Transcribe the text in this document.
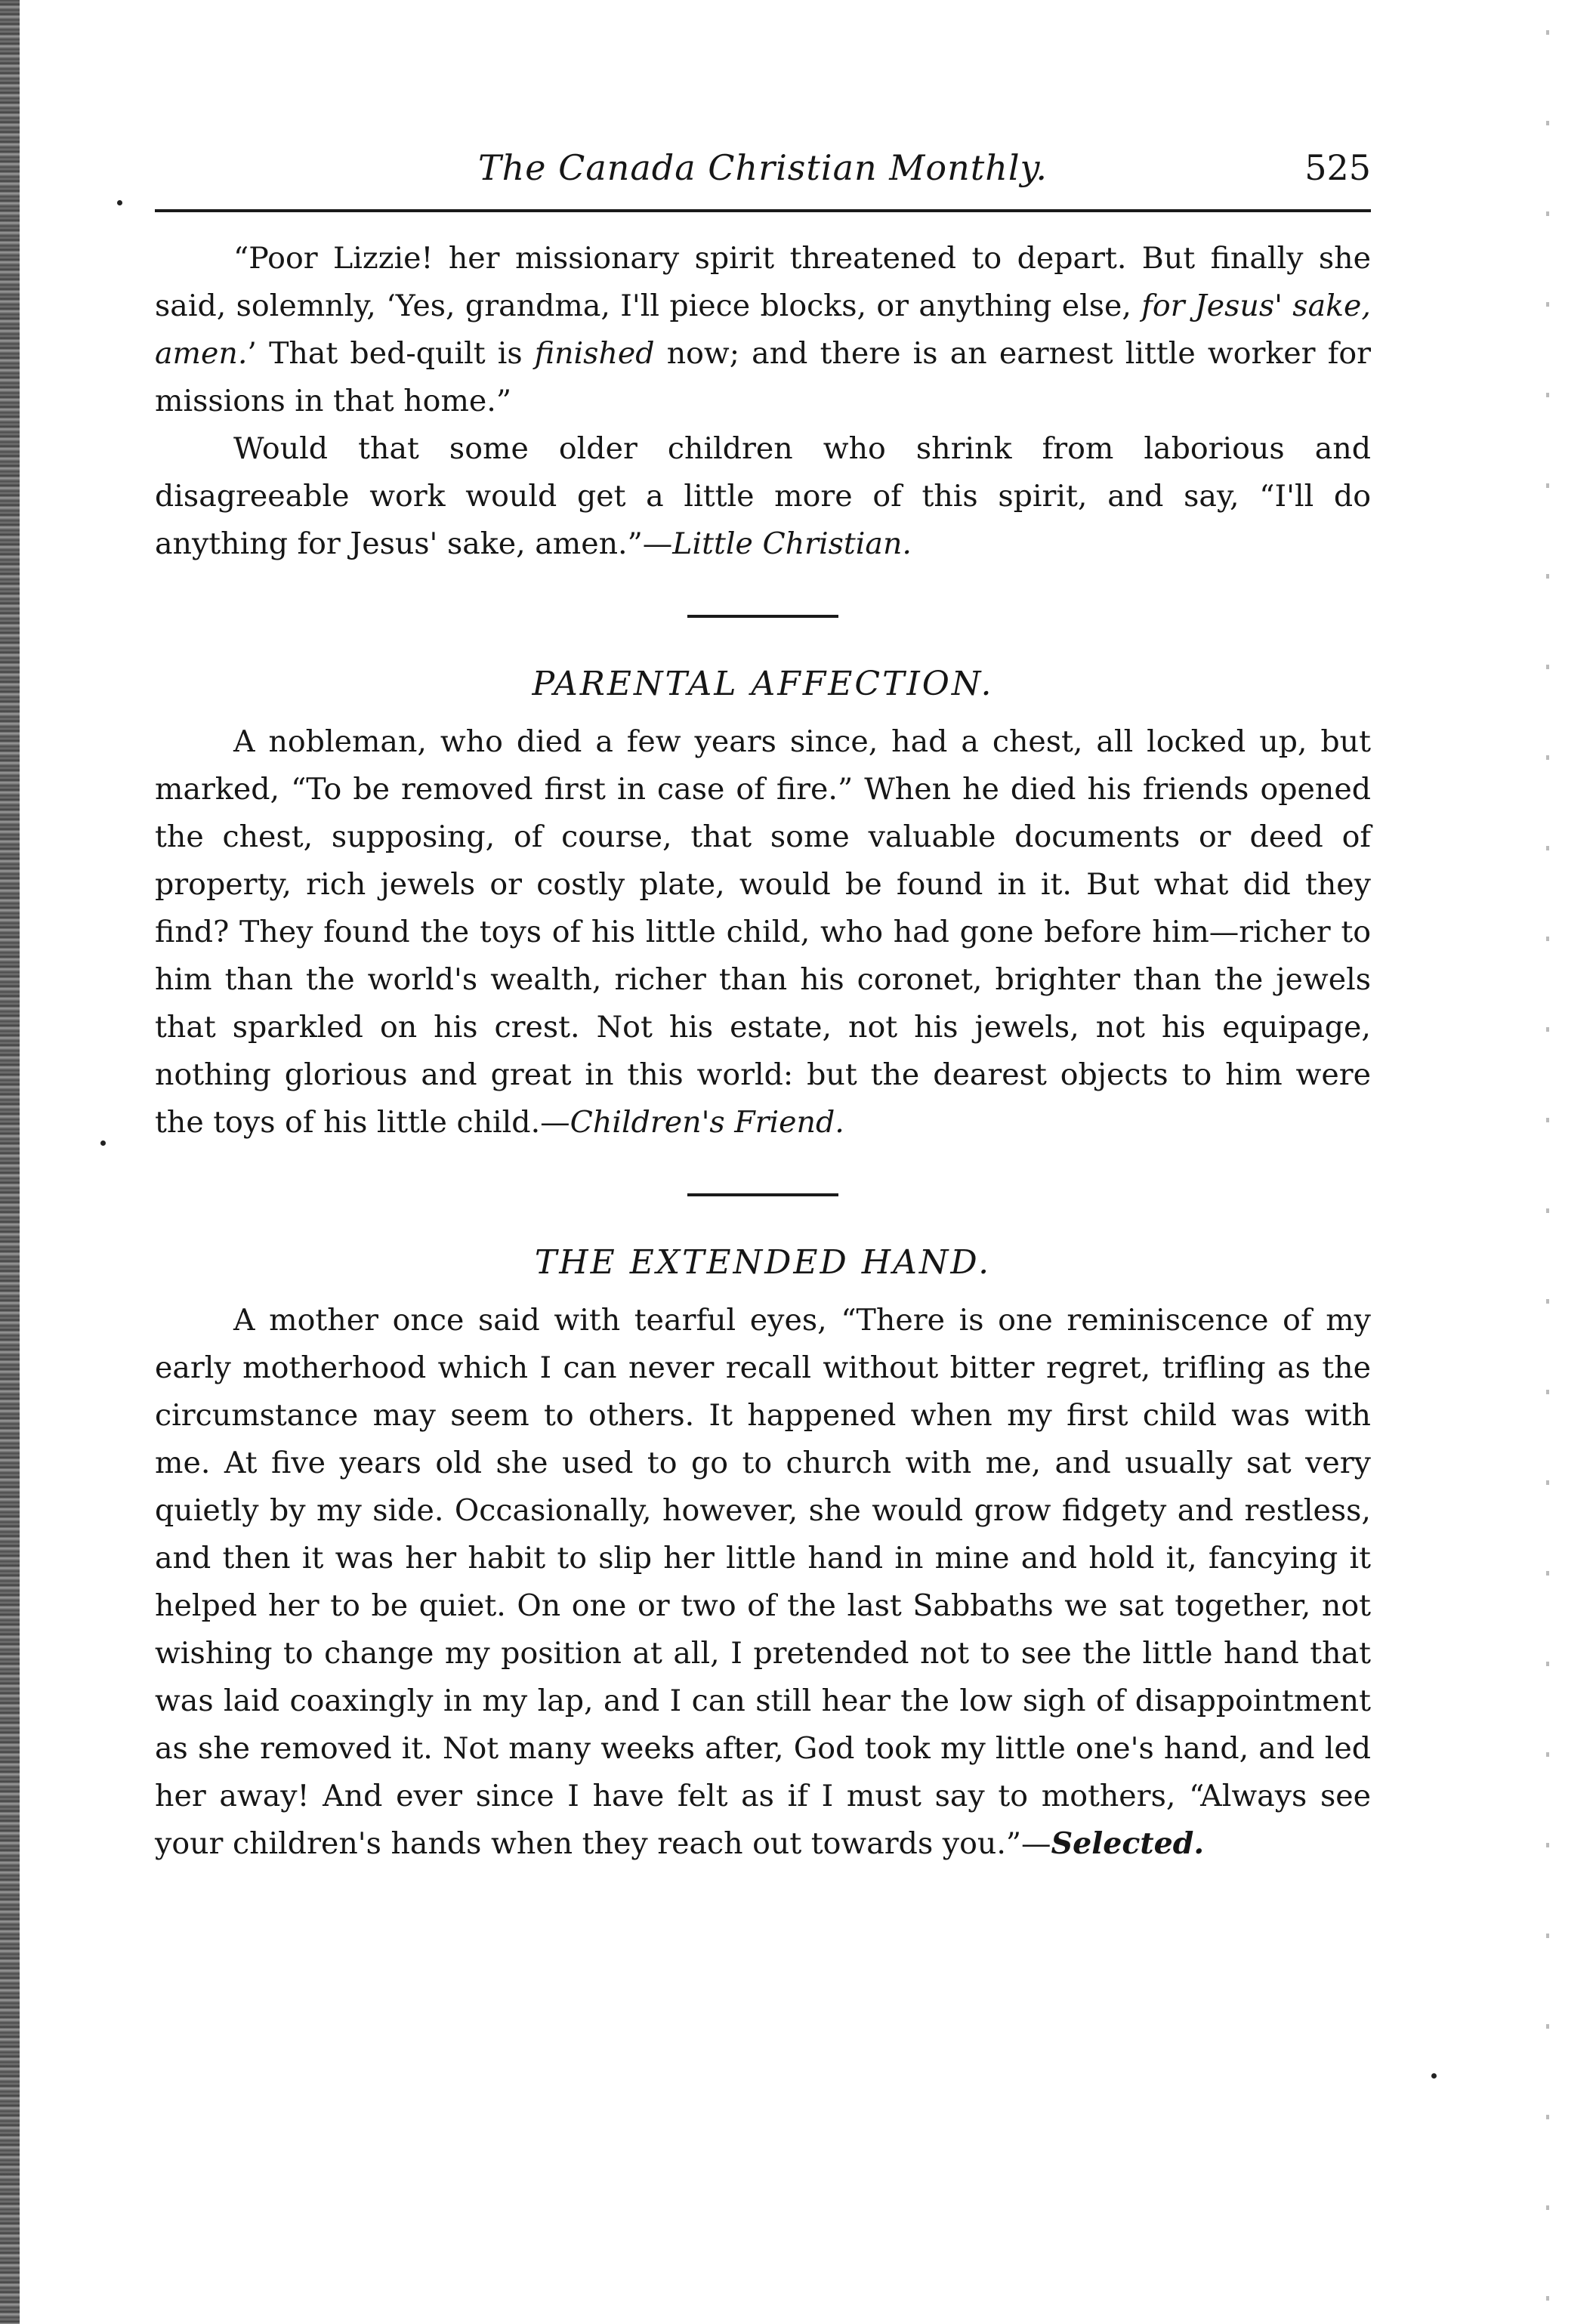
The Canada Christian Monthly.	525

“Poor Lizzie! her missionary spirit threatened to depart. But finally she said, solemnly, ‘Yes, grandma, I'll piece blocks, or anything else, for Jesus' sake, amen.’ That bed-quilt is finished now; and there is an earnest little worker for missions in that home.”

Would that some older children who shrink from laborious and disagreeable work would get a little more of this spirit, and say, “I'll do anything for Jesus' sake, amen.”—Little Christian.

PARENTAL AFFECTION.

A nobleman, who died a few years since, had a chest, all locked up, but marked, “To be removed first in case of fire.” When he died his friends opened the chest, supposing, of course, that some valuable documents or deed of property, rich jewels or costly plate, would be found in it. But what did they find? They found the toys of his little child, who had gone before him—richer to him than the world's wealth, richer than his coronet, brighter than the jewels that sparkled on his crest. Not his estate, not his jewels, not his equipage, nothing glorious and great in this world: but the dearest objects to him were the toys of his little child.—Children's Friend.

THE EXTENDED HAND.

A mother once said with tearful eyes, “There is one reminiscence of my early motherhood which I can never recall without bitter regret, trifling as the circumstance may seem to others. It happened when my first child was with me. At five years old she used to go to church with me, and usually sat very quietly by my side. Occasionally, however, she would grow fidgety and restless, and then it was her habit to slip her little hand in mine and hold it, fancying it helped her to be quiet. On one or two of the last Sabbaths we sat together, not wishing to change my position at all, I pretended not to see the little hand that was laid coaxingly in my lap, and I can still hear the low sigh of disappointment as she removed it. Not many weeks after, God took my little one's hand, and led her away! And ever since I have felt as if I must say to mothers, “Always see your children's hands when they reach out towards you.”—Selected.
